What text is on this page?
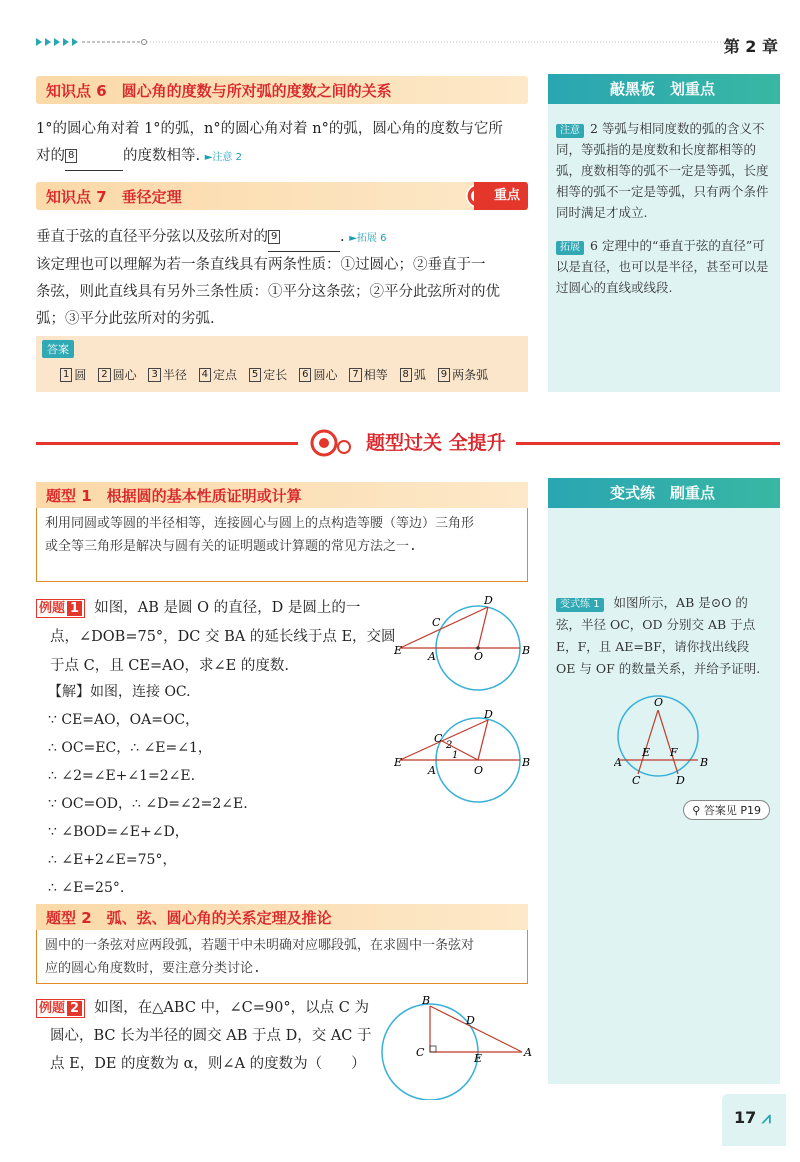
第 2 章
知识点 6　圆心角的度数与所对弧的度数之间的关系
1°的圆心角对着 1°的弧，n°的圆心角对着 n°的弧，圆心角的度数与它所
对的 8	的度数相等. ►注意 2
知识点 7　垂径定理	重点
垂直于弦的直径平分弦以及弦所对的 9	. ►拓展 6
该定理也可以理解为若一条直线具有两条性质：①过圆心；②垂直于一
条弦，则此直线具有另外三条性质：①平分这条弦；②平分此弦所对的优
弧；③平分此弦所对的劣弧.
答案
1 圆 2 圆心 3 半径 4 定点 5 定长 6 圆心 7 相等 8 弧 9 两条弧
敲黑板　划重点
注意 2 等弧与相同度数的弧的含义不同，等弧指的是度数和长度都相等的弧，度数相等的弧不一定是等弧，长度相等的弧不一定是等弧，只有两个条件同时满足才成立.
拓展 6 定理中的“垂直于弦的直径”可以是直径，也可以是半径，甚至可以是过圆心的直线或线段.
题型过关 全提升
题型 1　根据圆的基本性质证明或计算
利用同圆或等圆的半径相等，连接圆心与圆上的点构造等腰（等边）三角形或全等三角形是解决与圆有关的证明题或计算题的常见方法之一.
例题 1 如图，AB 是圆 O 的直径，D 是圆上的一
点，∠DOB=75°，DC 交 BA 的延长线于点 E，交圆
于点 C，且 CE=AO，求∠E 的度数.
【解】如图，连接 OC.
∵ CE=AO，OA=OC，
∴ OC=EC，∴ ∠E=∠1，
∴ ∠2=∠E+∠1=2∠E.
∵ OC=OD，∴ ∠D=∠2=2∠E.
∵ ∠BOD=∠E+∠D，
∴ ∠E+2∠E=75°，
∴ ∠E=25°.
D
C
E A	O	B
D
C
2
1
E
A	O
B
题型 2　弧、弦、圆心角的关系定理及推论
圆中的一条弦对应两段弧，若题干中未明确对应哪段弧，在求圆中一条弦对应的圆心角度数时，要注意分类讨论.
例题 2 如图，在△ABC 中，∠C=90°，以点 C 为
圆心，BC 长为半径的圆交 AB 于点 D，交 AC 于
点 E，DE 的度数为 α，则∠A 的度数为（　　）
B
D
C	E	A
变式练　刷重点
变式练 1 如图所示，AB 是⊙O 的弦，半径 OC，OD 分别交 AB 于点 E，F，且 AE=BF，请你找出线段 OE 与 OF 的数量关系，并给予证明.
O
E F
A	B
C	D
⚲ 答案见 P19
17 ⩘
